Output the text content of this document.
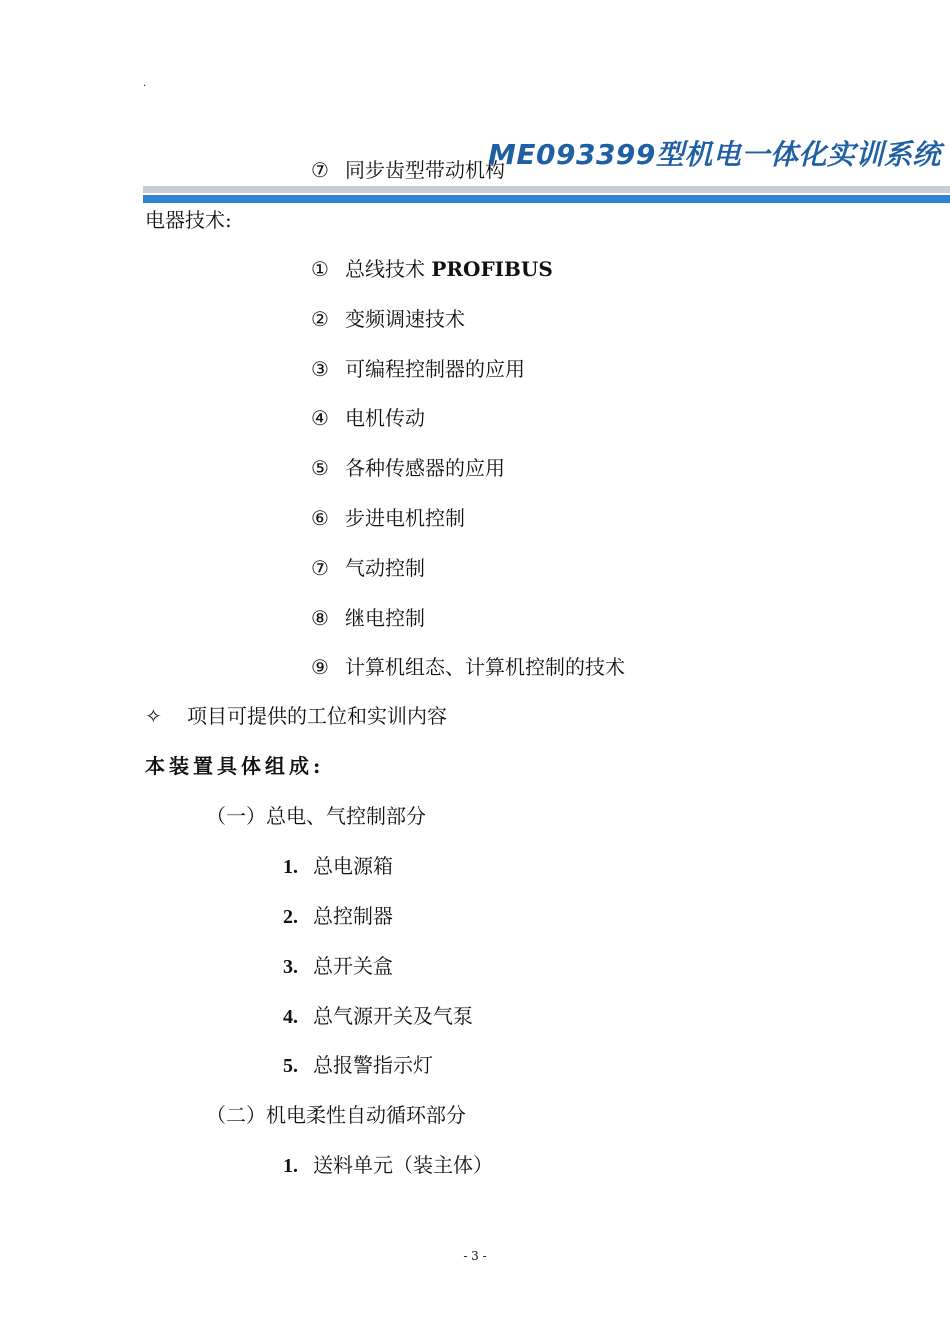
.
⑦ 同步齿型带动机构
ME093399型机电一体化实训系统
电器技术:
① 总线技术 PROFIBUS
② 变频调速技术
③ 可编程控制器的应用
④ 电机传动
⑤ 各种传感器的应用
⑥ 步进电机控制
⑦ 气动控制
⑧ 继电控制
⑨ 计算机组态、计算机控制的技术
✧ 项目可提供的工位和实训内容
本装置具体组成:
（一）总电、气控制部分
1. 总电源箱
2. 总控制器
3. 总开关盒
4. 总气源开关及气泵
5. 总报警指示灯
（二）机电柔性自动循环部分
1. 送料单元（装主体）
- 3 -
